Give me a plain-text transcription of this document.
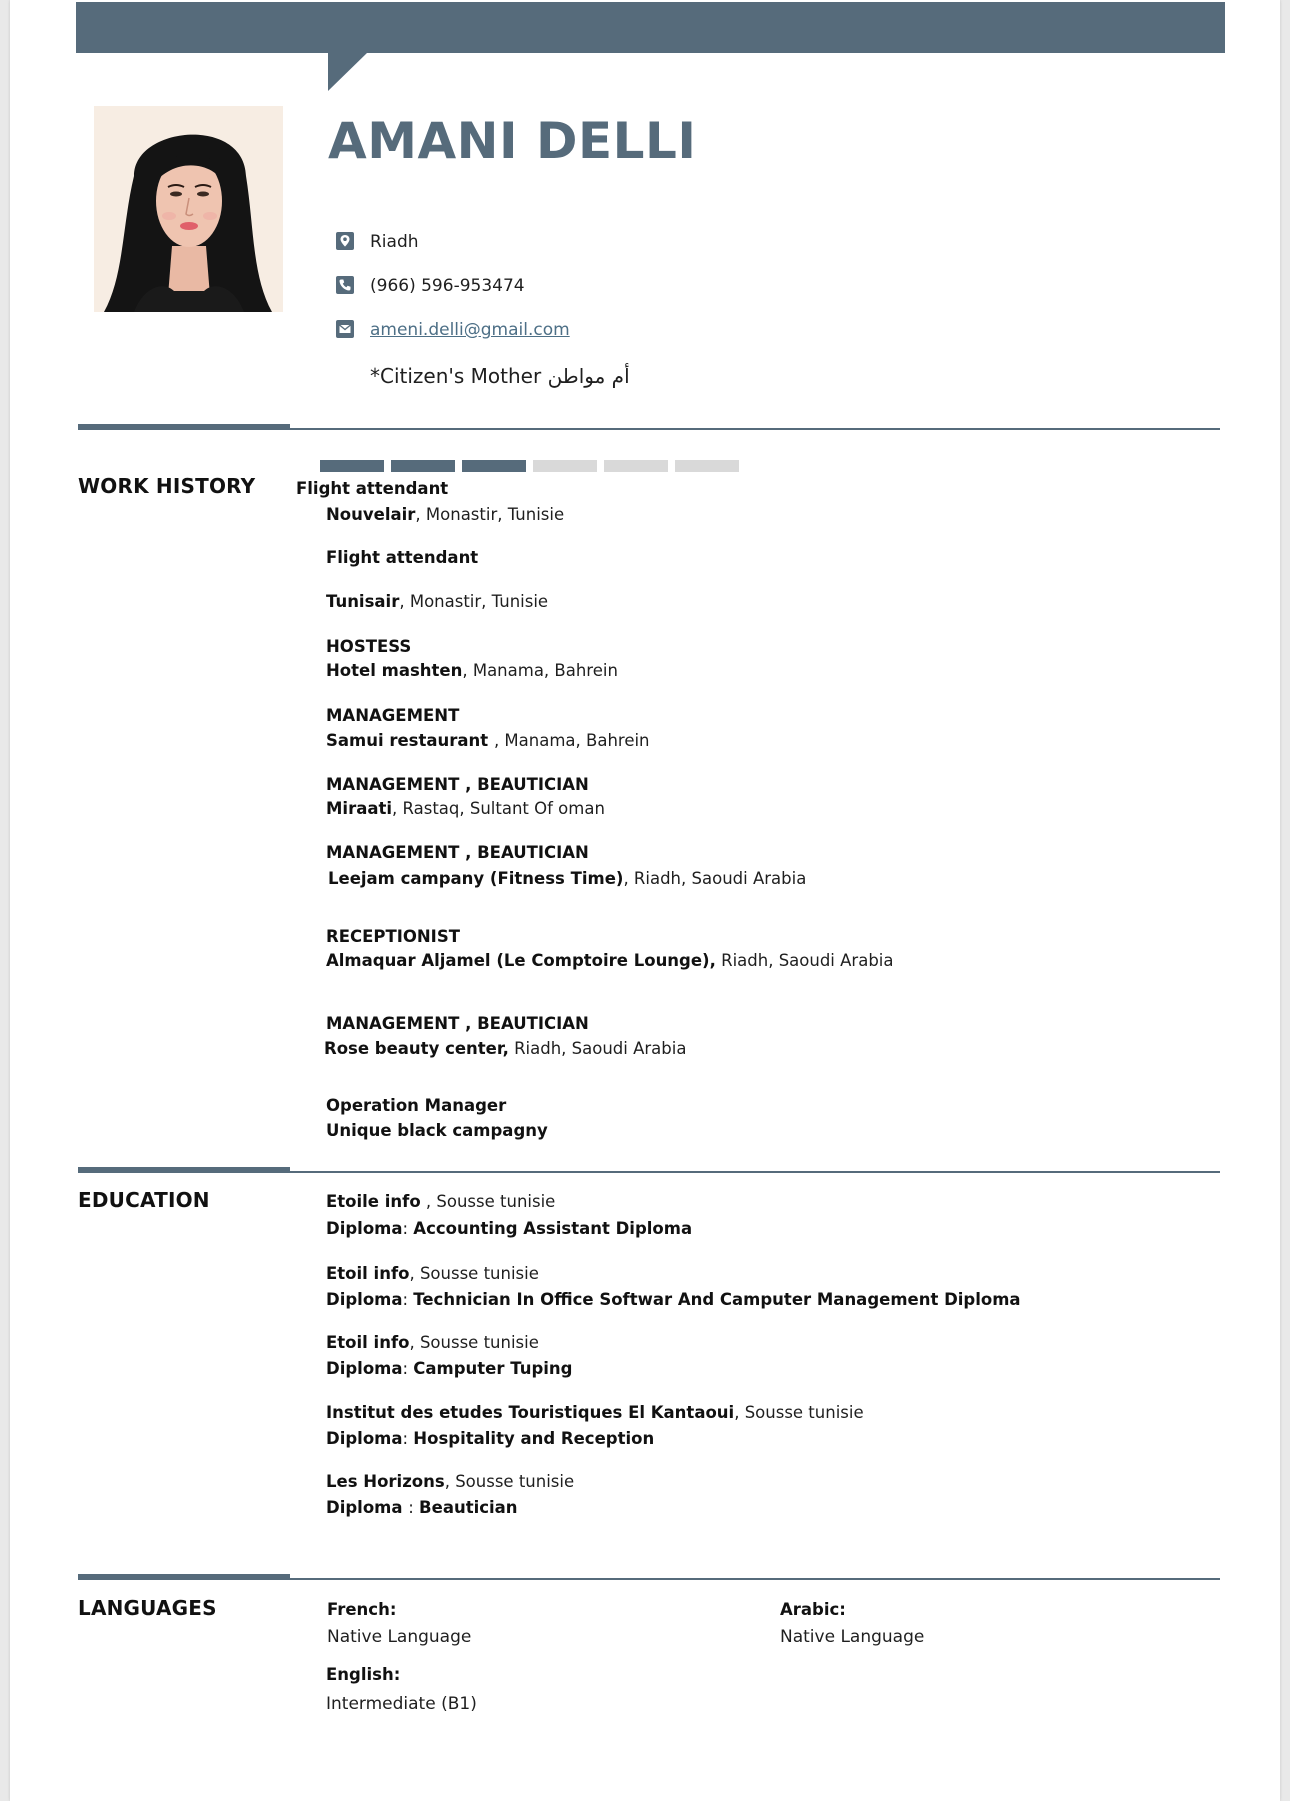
AMANI DELLI
Riadh
(966) 596-953474
ameni.delli@gmail.com
*Citizen's Mother أم مواطن
WORK HISTORY Flight attendant
Nouvelair, Monastir, Tunisie
Flight attendant
Tunisair, Monastir, Tunisie
HOSTESS
Hotel mashten, Manama, Bahrein
MANAGEMENT
Samui restaurant , Manama, Bahrein
MANAGEMENT , BEAUTICIAN
Miraati, Rastaq, Sultant Of oman
MANAGEMENT , BEAUTICIAN
Leejam campany (Fitness Time), Riadh, Saoudi Arabia
RECEPTIONIST
Almaquar Aljamel (Le Comptoire Lounge), Riadh, Saoudi Arabia
MANAGEMENT , BEAUTICIAN
Rose beauty center, Riadh, Saoudi Arabia
Operation Manager
Unique black campagny
EDUCATION	Etoile info , Sousse tunisie
Diploma: Accounting Assistant Diploma
Etoil info, Sousse tunisie
Diploma: Technician In Office Softwar And Camputer Management Diploma
Etoil info, Sousse tunisie
Diploma: Camputer Tuping
Institut des etudes Touristiques El Kantaoui, Sousse tunisie
Diploma: Hospitality and Reception
Les Horizons, Sousse tunisie
Diploma : Beautician
LANGUAGES	French:
Native Language
Arabic:
Native Language
English:
Intermediate (B1)
